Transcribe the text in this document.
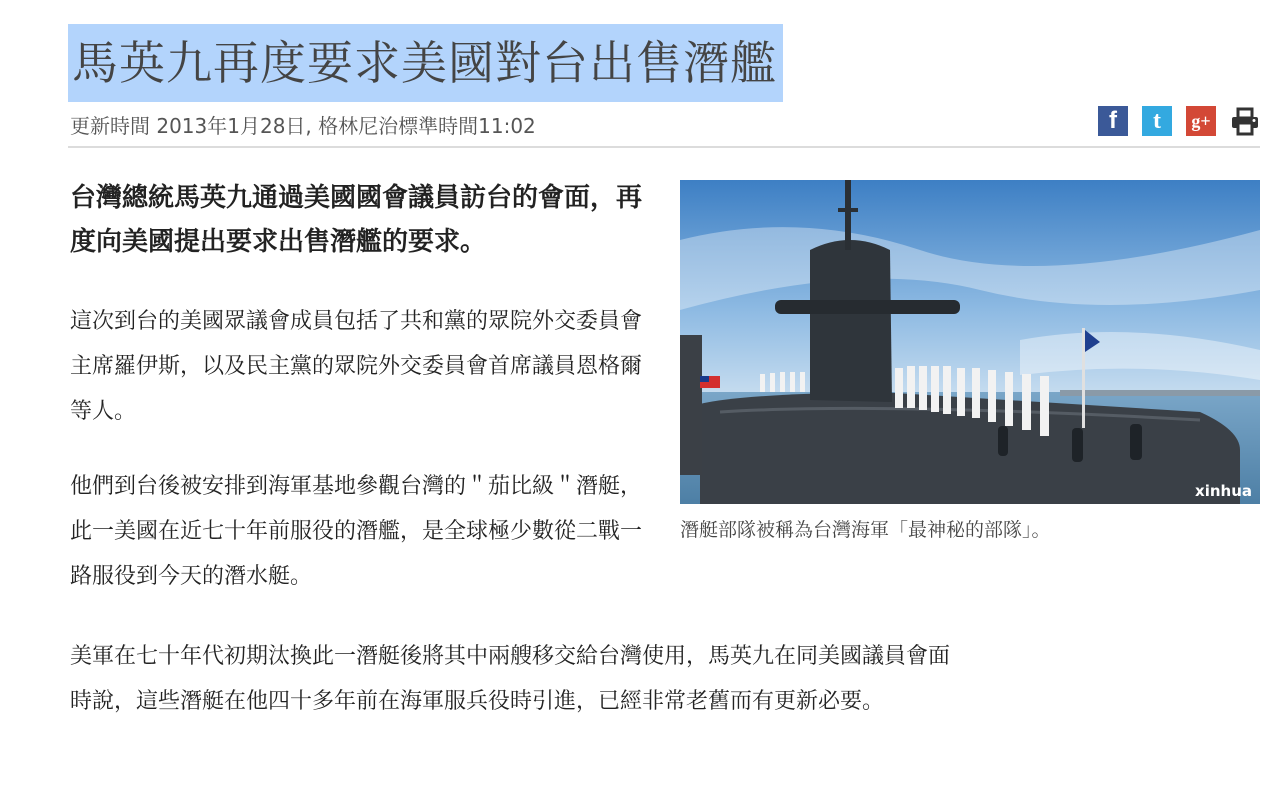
馬英九再度要求美國對台出售潛艦
更新時間 2013年1月28日, 格林尼治標準時間11:02	f t g+

台灣總統馬英九通過美國國會議員訪台的會面，再度向美國提出要求出售潛艦的要求。

這次到台的美國眾議會成員包括了共和黨的眾院外交委員會主席羅伊斯，以及民主黨的眾院外交委員會首席議員恩格爾等人。

他們到台後被安排到海軍基地參觀台灣的＂茄比級＂潛艇，此一美國在近七十年前服役的潛艦，是全球極少數從二戰一路服役到今天的潛水艇。

美軍在七十年代初期汰換此一潛艇後將其中兩艘移交給台灣使用，馬英九在同美國議員會面時說，這些潛艇在他四十多年前在海軍服兵役時引進，已經非常老舊而有更新必要。

xinhua
潛艇部隊被稱為台灣海軍「最神秘的部隊」。
